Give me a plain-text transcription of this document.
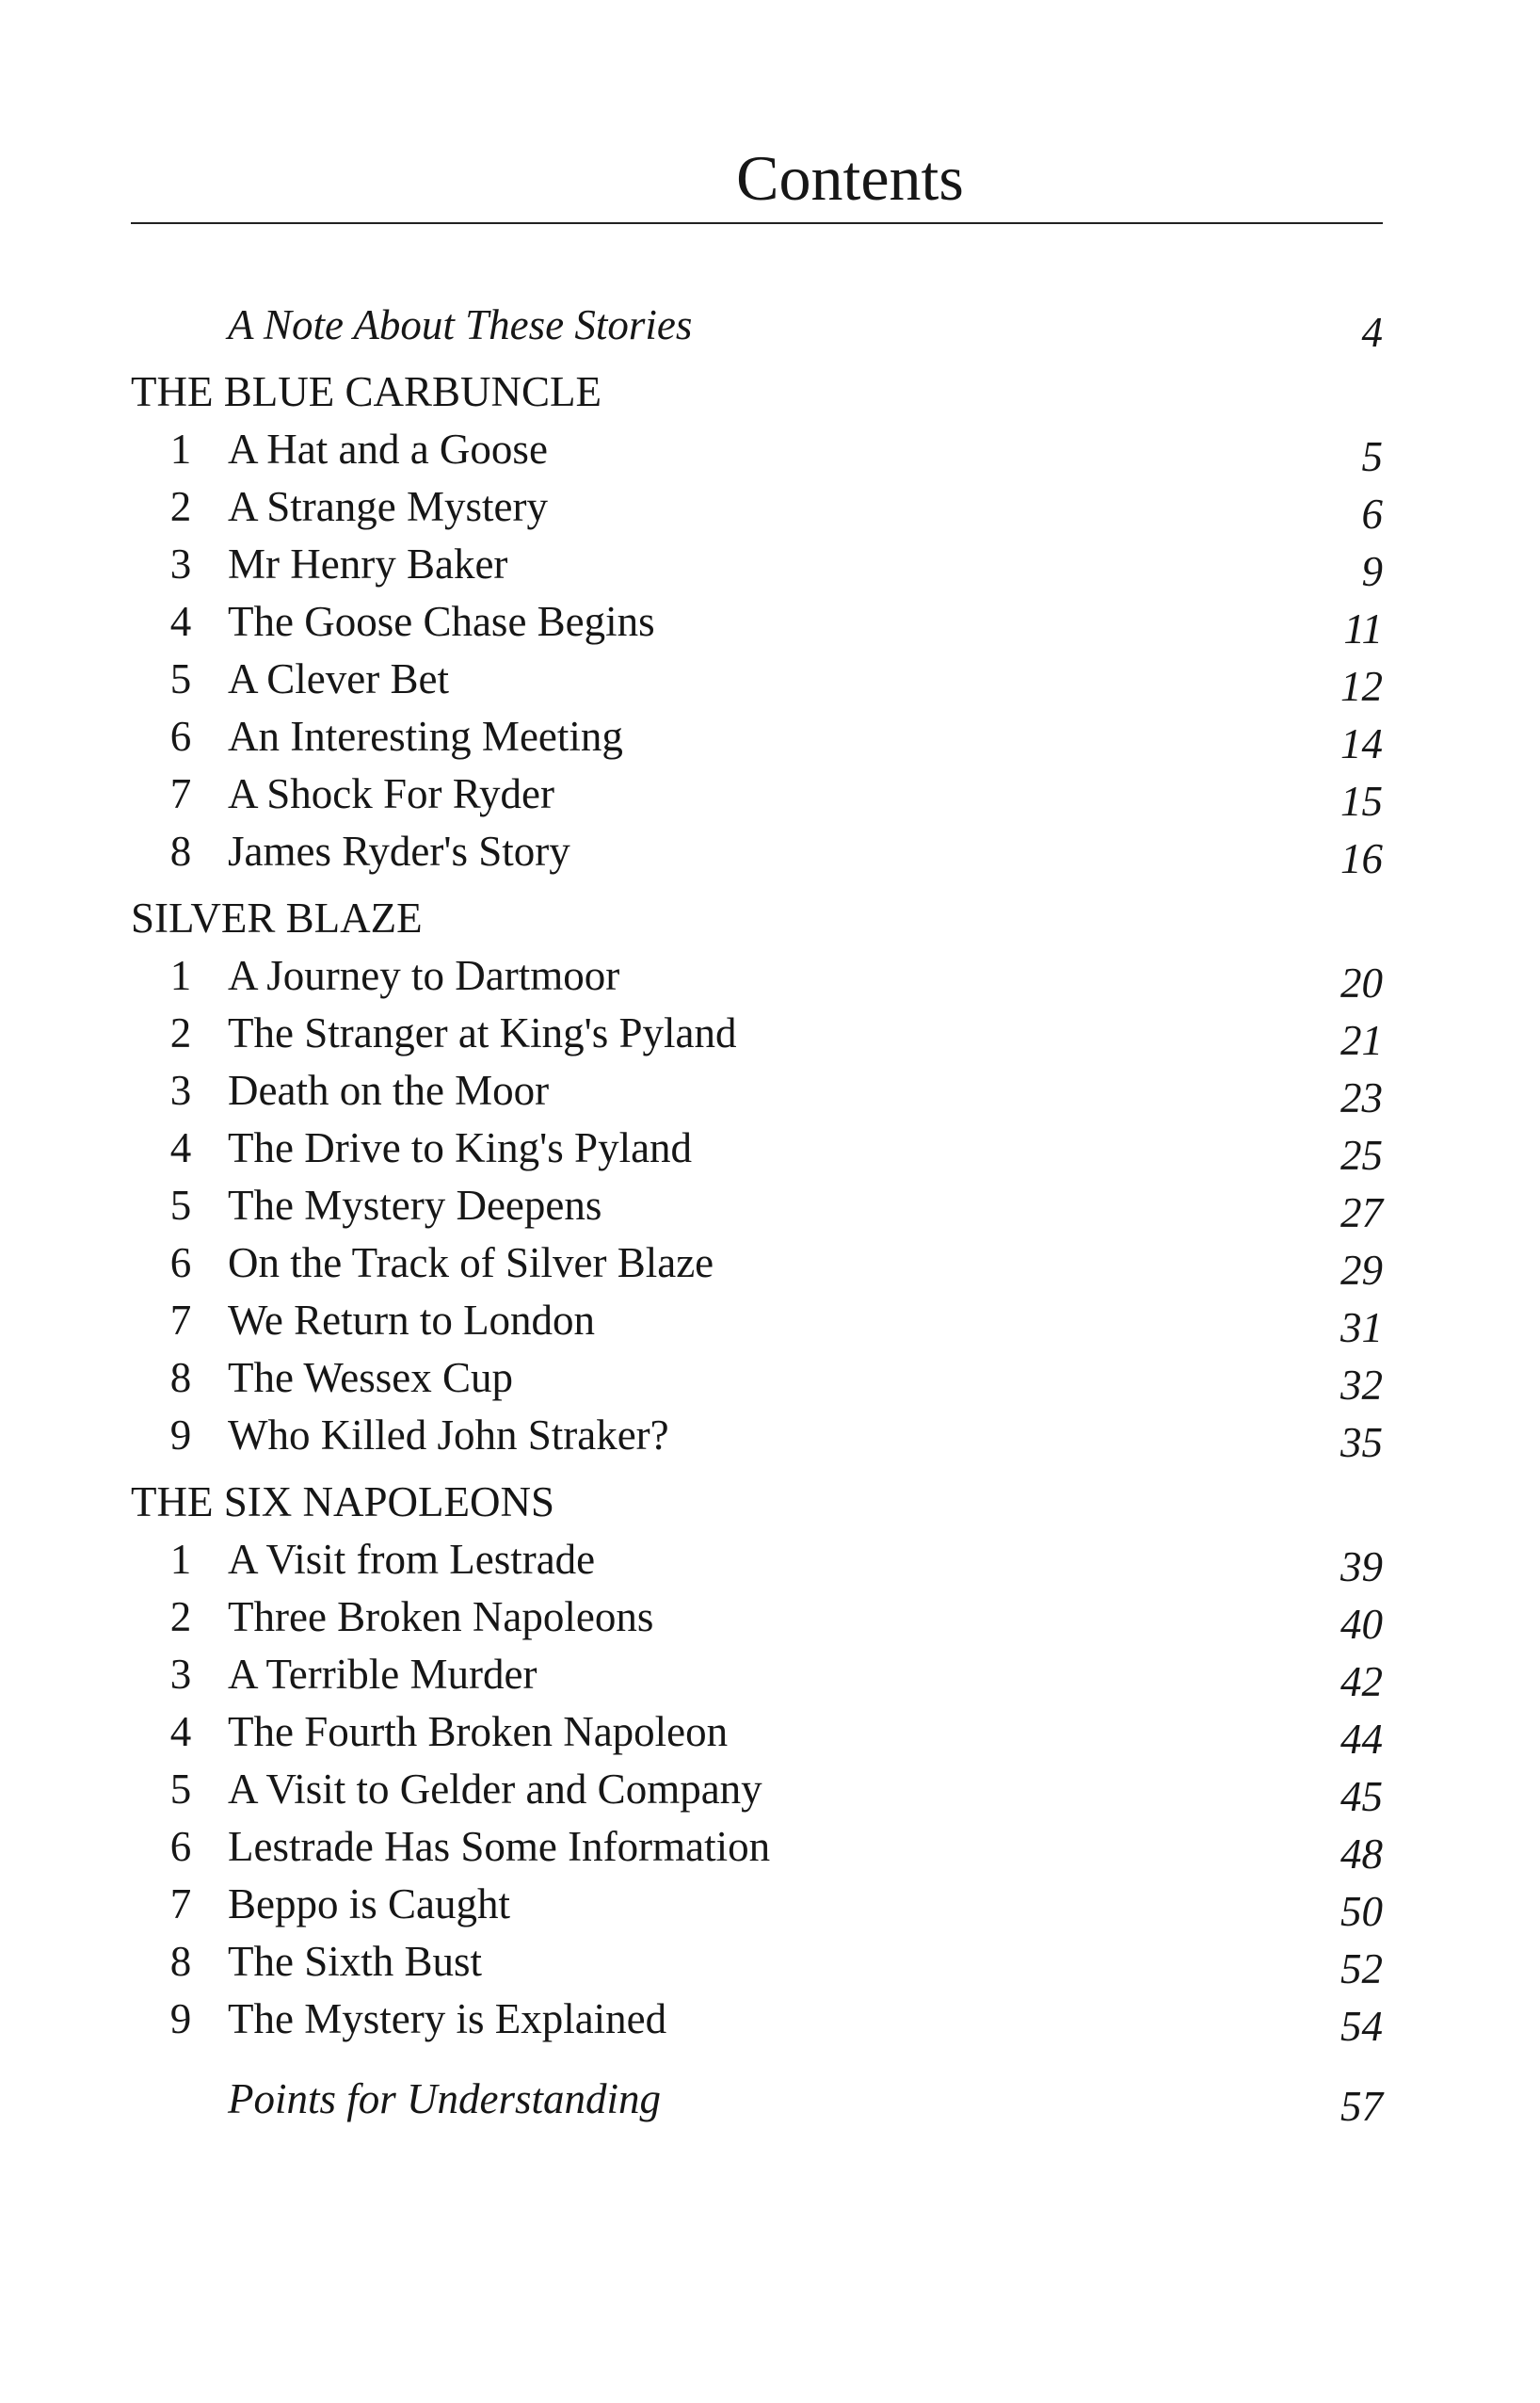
Contents
A Note About These Stories	4
THE BLUE CARBUNCLE
1 A Hat and a Goose	5
2 A Strange Mystery	6
3 Mr Henry Baker	9
4 The Goose Chase Begins	11
5 A Clever Bet	12
6 An Interesting Meeting	14
7 A Shock For Ryder	15
8 James Ryder's Story	16
SILVER BLAZE
1 A Journey to Dartmoor	20
2 The Stranger at King's Pyland	21
3 Death on the Moor	23
4 The Drive to King's Pyland	25
5 The Mystery Deepens	27
6 On the Track of Silver Blaze	29
7 We Return to London	31
8 The Wessex Cup	32
9 Who Killed John Straker?	35
THE SIX NAPOLEONS
1 A Visit from Lestrade	39
2 Three Broken Napoleons	40
3 A Terrible Murder	42
4 The Fourth Broken Napoleon	44
5 A Visit to Gelder and Company	45
6 Lestrade Has Some Information	48
7 Beppo is Caught	50
8 The Sixth Bust	52
9 The Mystery is Explained	54
Points for Understanding	57
